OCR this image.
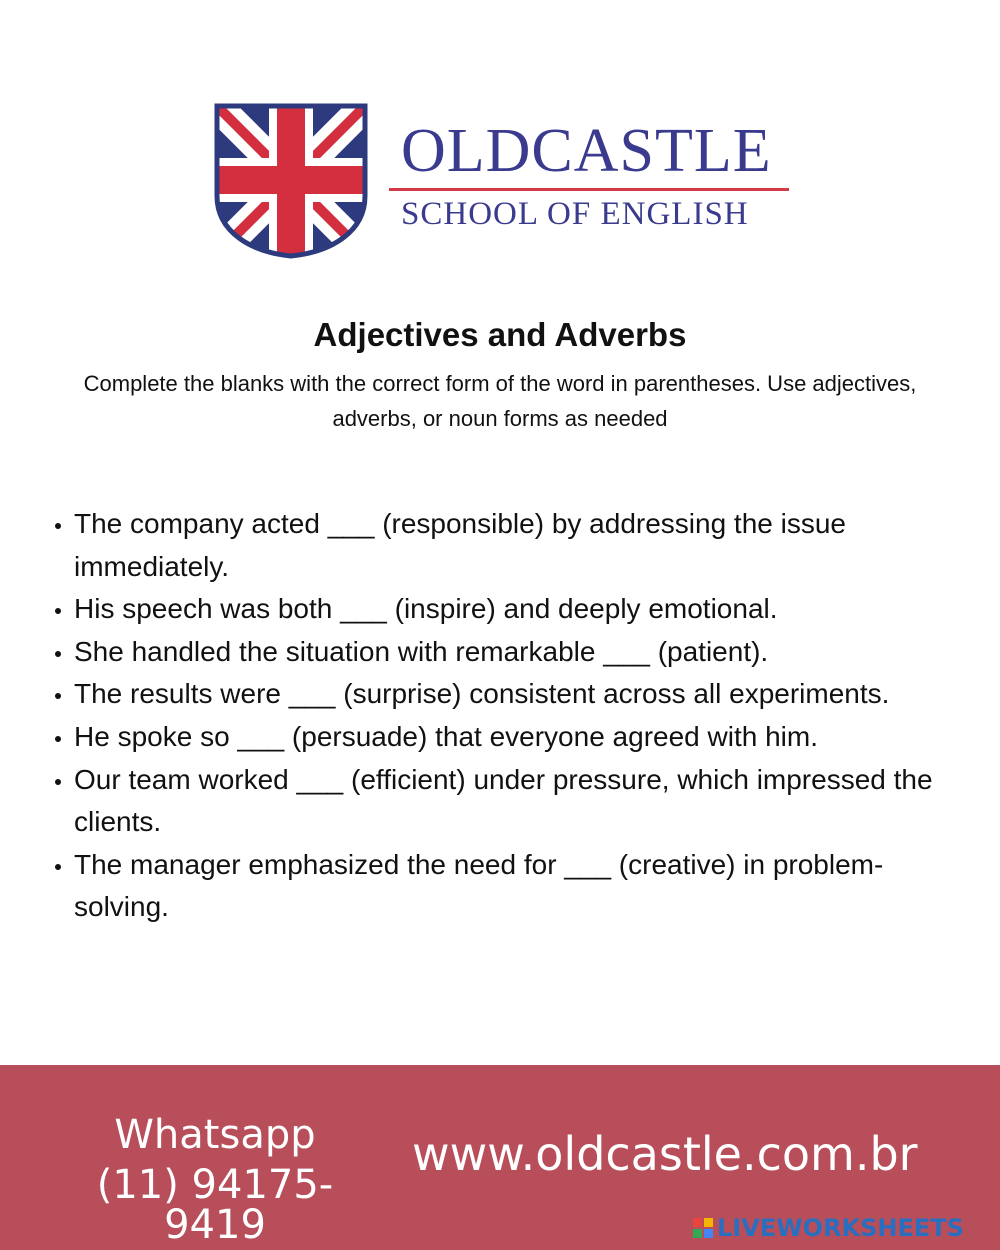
OLDCASTLE

SCHOOL OF ENGLISH

Adjectives and Adverbs

Complete the blanks with the correct form of the word in parentheses. Use adjectives, adverbs, or noun forms as needed

The company acted ___ (responsible) by addressing the issue immediately.
His speech was both ___ (inspire) and deeply emotional.
She handled the situation with remarkable ___ (patient).
The results were ___ (surprise) consistent across all experiments.
He spoke so ___ (persuade) that everyone agreed with him.
Our team worked ___ (efficient) under pressure, which impressed the clients.
The manager emphasized the need for ___ (creative) in problem-solving.

Whatsapp

(11) 94175-9419

www.oldcastle.com.br

LIVEWORKSHEETS
